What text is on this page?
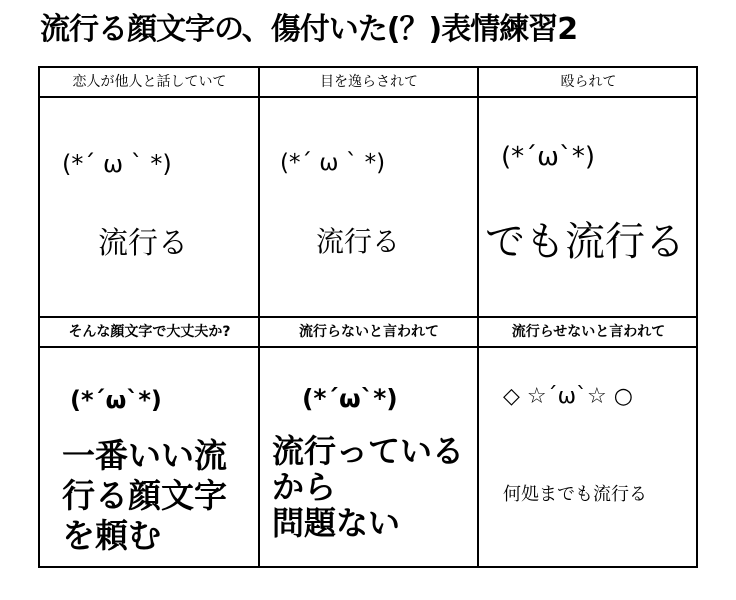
流行る顔文字の、傷付いた(？)表情練習2
恋人が他人と話していて
(*´ ω ` *)
流行る
目を逸らされて
(*´ ω ` *)
流行る
殴られて
(*´ω`*)
でも流行る
そんな顔文字で大丈夫か?
(*´ω`*)
一番いい流
行る顔文字
を頼む
流行らないと言われて
(*´ω`*)
流行っている
から
問題ない
流行らせないと言われて
◇ ☆´ω`☆ ○
何処までも流行る
